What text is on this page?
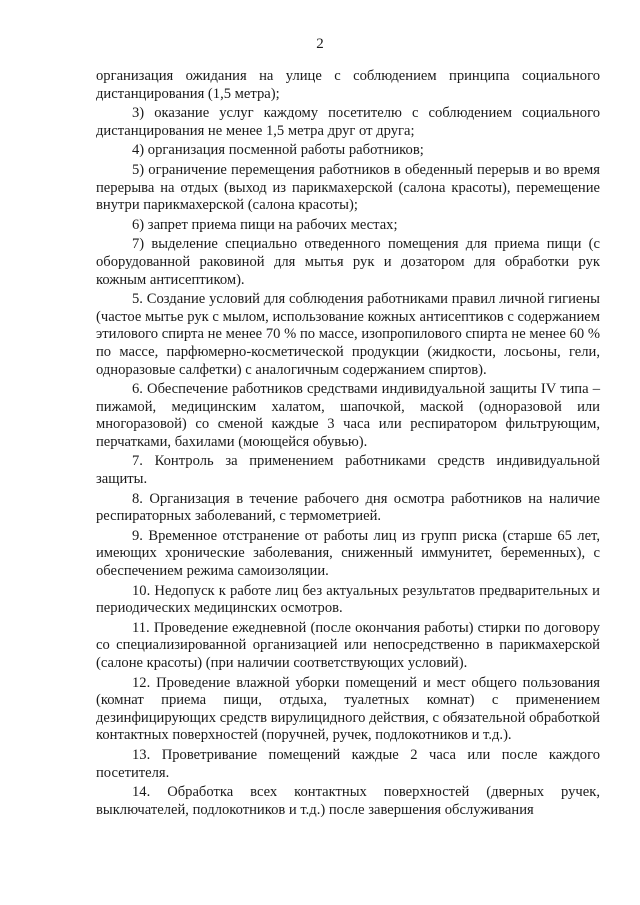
2

организация ожидания на улице с соблюдением принципа социального дистанцирования (1,5 метра);

3) оказание услуг каждому посетителю с соблюдением социального дистанцирования не менее 1,5 метра друг от друга;

4) организация посменной работы работников;

5) ограничение перемещения работников в обеденный перерыв и во время перерыва на отдых (выход из парикмахерской (салона красоты), перемещение внутри парикмахерской (салона красоты);

6) запрет приема пищи на рабочих местах;

7) выделение специально отведенного помещения для приема пищи (с оборудованной раковиной для мытья рук и дозатором для обработки рук кожным антисептиком).

5. Создание условий для соблюдения работниками правил личной гигиены (частое мытье рук с мылом, использование кожных антисептиков с содержанием этилового спирта не менее 70 % по массе, изопропилового спирта не менее 60 % по массе, парфюмерно-косметической продукции (жидкости, лосьоны, гели, одноразовые салфетки) с аналогичным содержанием спиртов).

6. Обеспечение работников средствами индивидуальной защиты IV типа – пижамой, медицинским халатом, шапочкой, маской (одноразовой или многоразовой) со сменой каждые 3 часа или респиратором фильтрующим, перчатками, бахилами (моющейся обувью).

7. Контроль за применением работниками средств индивидуальной защиты.

8. Организация в течение рабочего дня осмотра работников на наличие респираторных заболеваний, с термометрией.

9. Временное отстранение от работы лиц из групп риска (старше 65 лет, имеющих хронические заболевания, сниженный иммунитет, беременных), с обеспечением режима самоизоляции.

10. Недопуск к работе лиц без актуальных результатов предварительных и периодических медицинских осмотров.

11. Проведение ежедневной (после окончания работы) стирки по договору со специализированной организацией или непосредственно в парикмахерской (салоне красоты) (при наличии соответствующих условий).

12. Проведение влажной уборки помещений и мест общего пользования (комнат приема пищи, отдыха, туалетных комнат) с применением дезинфицирующих средств вирулицидного действия, с обязательной обработкой контактных поверхностей (поручней, ручек, подлокотников и т.д.).

13. Проветривание помещений каждые 2 часа или после каждого посетителя.

14. Обработка всех контактных поверхностей (дверных ручек, выключателей, подлокотников и т.д.) после завершения обслуживания
